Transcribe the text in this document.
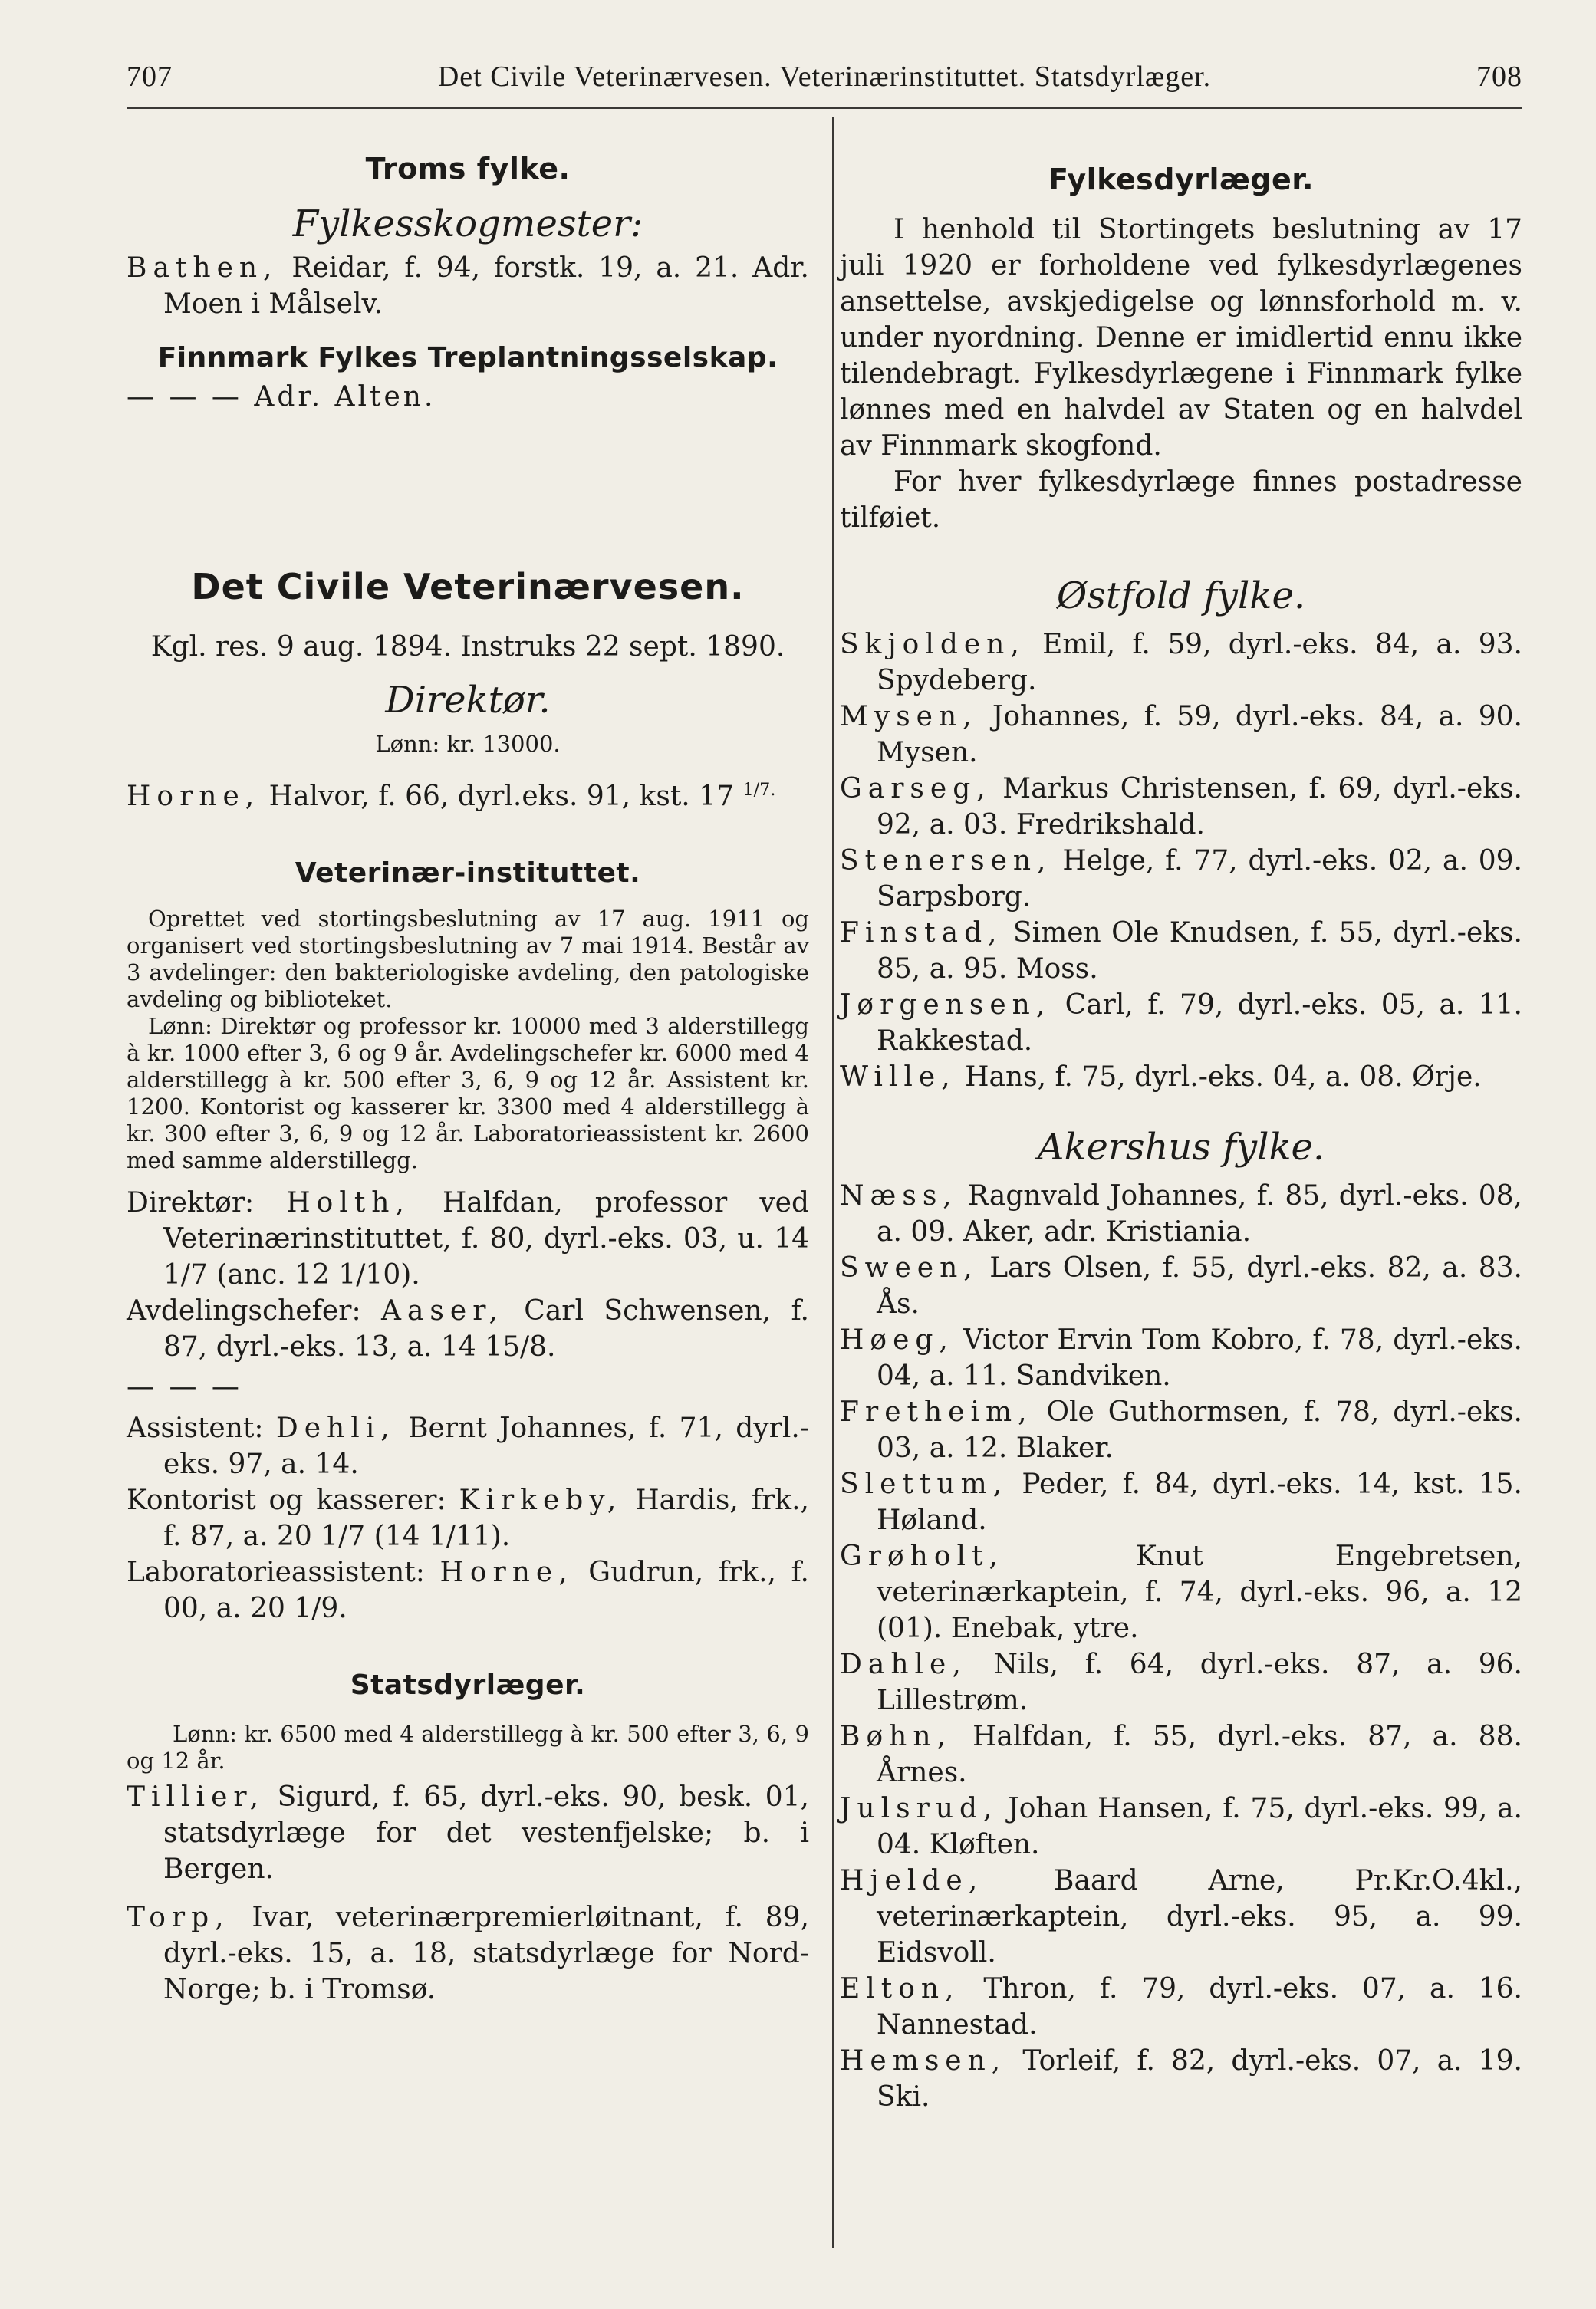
707	Det Civile Veterinærvesen. Veterinærinstituttet. Statsdyrlæger.	708
Troms fylke.
Fylkesskogmester:

Bathen, Reidar, f. 94, forstk. 19, a. 21. Adr. Moen i Målselv.

Finnmark Fylkes Treplantningsselskap.

— — — Adr. Alten.

Det Civile Veterinærvesen.

Kgl. res. 9 aug. 1894. Instruks 22 sept. 1890.

Direktør.

Lønn: kr. 13000.

Horne, Halvor, f. 66, dyrl.eks. 91, kst. 17 $^{1/7.}$

Veterinær-instituttet.

Oprettet ved stortingsbeslutning av 17 aug. 1911 og organisert ved stortingsbeslutning av 7 mai 1914. Består av 3 avdelinger: den bakteriologiske avdeling, den patologiske avdeling og biblioteket.

Lønn: Direktør og professor kr. 10000 med 3 alderstillegg à kr. 1000 efter 3, 6 og 9 år. Avdelingschefer kr. 6000 med 4 alderstillegg à kr. 500 efter 3, 6, 9 og 12 år. Assistent kr. 1200. Kontorist og kasserer kr. 3300 med 4 alderstillegg à kr. 300 efter 3, 6, 9 og 12 år. Laboratorieassistent kr. 2600 med samme alderstillegg.

Direktør: Holth, Halfdan, professor ved Veterinærinstituttet, f. 80, dyrl.-eks. 03, u. 14 1/7 (anc. 12 1/10).

Avdelingschefer: Aaser, Carl Schwensen, f. 87, dyrl.-eks. 13, a. 14 15/8.

— — —

Assistent: Dehli, Bernt Johannes, f. 71, dyrl.-eks. 97, a. 14.

Kontorist og kasserer: Kirkeby, Hardis, frk., f. 87, a. 20 1/7 (14 1/11).

Laboratorieassistent: Horne, Gudrun, frk., f. 00, a. 20 1/9.

Statsdyrlæger.

Lønn: kr. 6500 med 4 alderstillegg à kr. 500 efter 3, 6, 9 og 12 år.

Tillier, Sigurd, f. 65, dyrl.-eks. 90, besk. 01, statsdyrlæge for det vestenfjelske; b. i Bergen.

Torp, Ivar, veterinærpremierløitnant, f. 89, dyrl.-eks. 15, a. 18, statsdyrlæge for Nord-Norge; b. i Tromsø.

Fylkesdyrlæger.

I henhold til Stortingets beslutning av 17 juli 1920 er forholdene ved fylkesdyrlægenes ansettelse, avskjedigelse og lønnsforhold m. v. under nyordning. Denne er imidlertid ennu ikke tilendebragt. Fylkesdyrlægene i Finnmark fylke lønnes med en halvdel av Staten og en halvdel av Finnmark skogfond.

For hver fylkesdyrlæge finnes postadresse tilføiet.

Østfold fylke.

Skjolden, Emil, f. 59, dyrl.-eks. 84, a. 93. Spydeberg.

Mysen, Johannes, f. 59, dyrl.-eks. 84, a. 90. Mysen.

Garseg, Markus Christensen, f. 69, dyrl.-eks. 92, a. 03. Fredrikshald.

Stenersen, Helge, f. 77, dyrl.-eks. 02, a. 09. Sarpsborg.

Finstad, Simen Ole Knudsen, f. 55, dyrl.-eks. 85, a. 95. Moss.

Jørgensen, Carl, f. 79, dyrl.-eks. 05, a. 11. Rakkestad.

Wille, Hans, f. 75, dyrl.-eks. 04, a. 08. Ørje.

Akershus fylke.

Næss, Ragnvald Johannes, f. 85, dyrl.-eks. 08, a. 09. Aker, adr. Kristiania.

Sween, Lars Olsen, f. 55, dyrl.-eks. 82, a. 83. Ås.

Høeg, Victor Ervin Tom Kobro, f. 78, dyrl.-eks. 04, a. 11. Sandviken.

Fretheim, Ole Guthormsen, f. 78, dyrl.-eks. 03, a. 12. Blaker.

Slettum, Peder, f. 84, dyrl.-eks. 14, kst. 15. Høland.

Grøholt, Knut Engebretsen, veterinærkaptein, f. 74, dyrl.-eks. 96, a. 12 (01). Enebak, ytre.

Dahle, Nils, f. 64, dyrl.-eks. 87, a. 96. Lillestrøm.

Bøhn, Halfdan, f. 55, dyrl.-eks. 87, a. 88. Årnes.

Julsrud, Johan Hansen, f. 75, dyrl.-eks. 99, a. 04. Kløften.

Hjelde, Baard Arne, Pr.Kr.O.4kl., veterinærkaptein, dyrl.-eks. 95, a. 99. Eidsvoll.

Elton, Thron, f. 79, dyrl.-eks. 07, a. 16. Nannestad.

Hemsen, Torleif, f. 82, dyrl.-eks. 07, a. 19. Ski.
